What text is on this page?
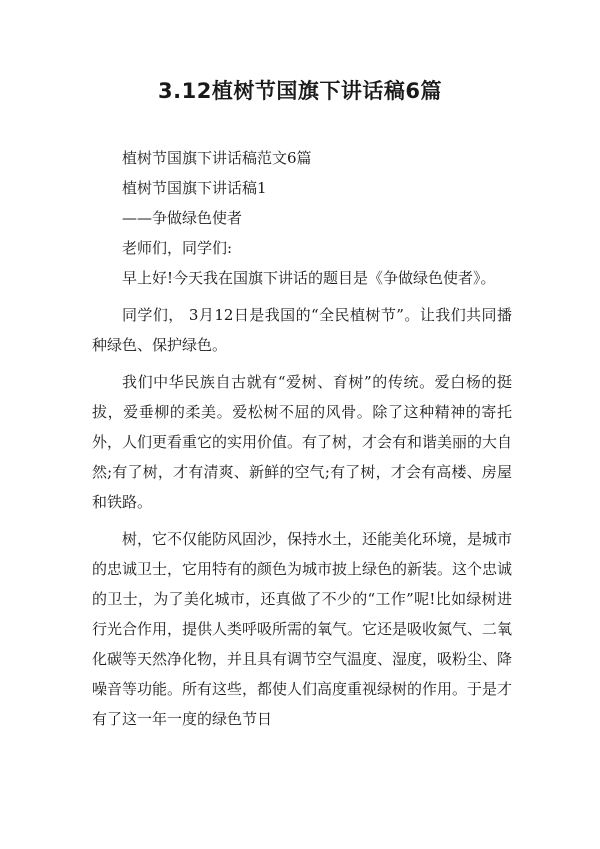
3.12植树节国旗下讲话稿6篇

植树节国旗下讲话稿范文6篇

植树节国旗下讲话稿1

——争做绿色使者

老师们，同学们:

早上好!今天我在国旗下讲话的题目是《争做绿色使者》。

同学们， 3月12日是我国的“全民植树节”。让我们共同播种绿色、保护绿色。

我们中华民族自古就有“爱树、育树”的传统。爱白杨的挺拔，爱垂柳的柔美。爱松树不屈的风骨。除了这种精神的寄托外，人们更看重它的实用价值。有了树，才会有和谐美丽的大自然;有了树，才有清爽、新鲜的空气;有了树，才会有高楼、房屋和铁路。

树，它不仅能防风固沙，保持水土，还能美化环境，是城市的忠诚卫士，它用特有的颜色为城市披上绿色的新装。这个忠诚的卫士，为了美化城市，还真做了不少的“工作”呢!比如绿树进行光合作用，提供人类呼吸所需的氧气。它还是吸收氮气、二氧化碳等天然净化物，并且具有调节空气温度、湿度，吸粉尘、降噪音等功能。所有这些，都使人们高度重视绿树的作用。于是才有了这一年一度的绿色节日
